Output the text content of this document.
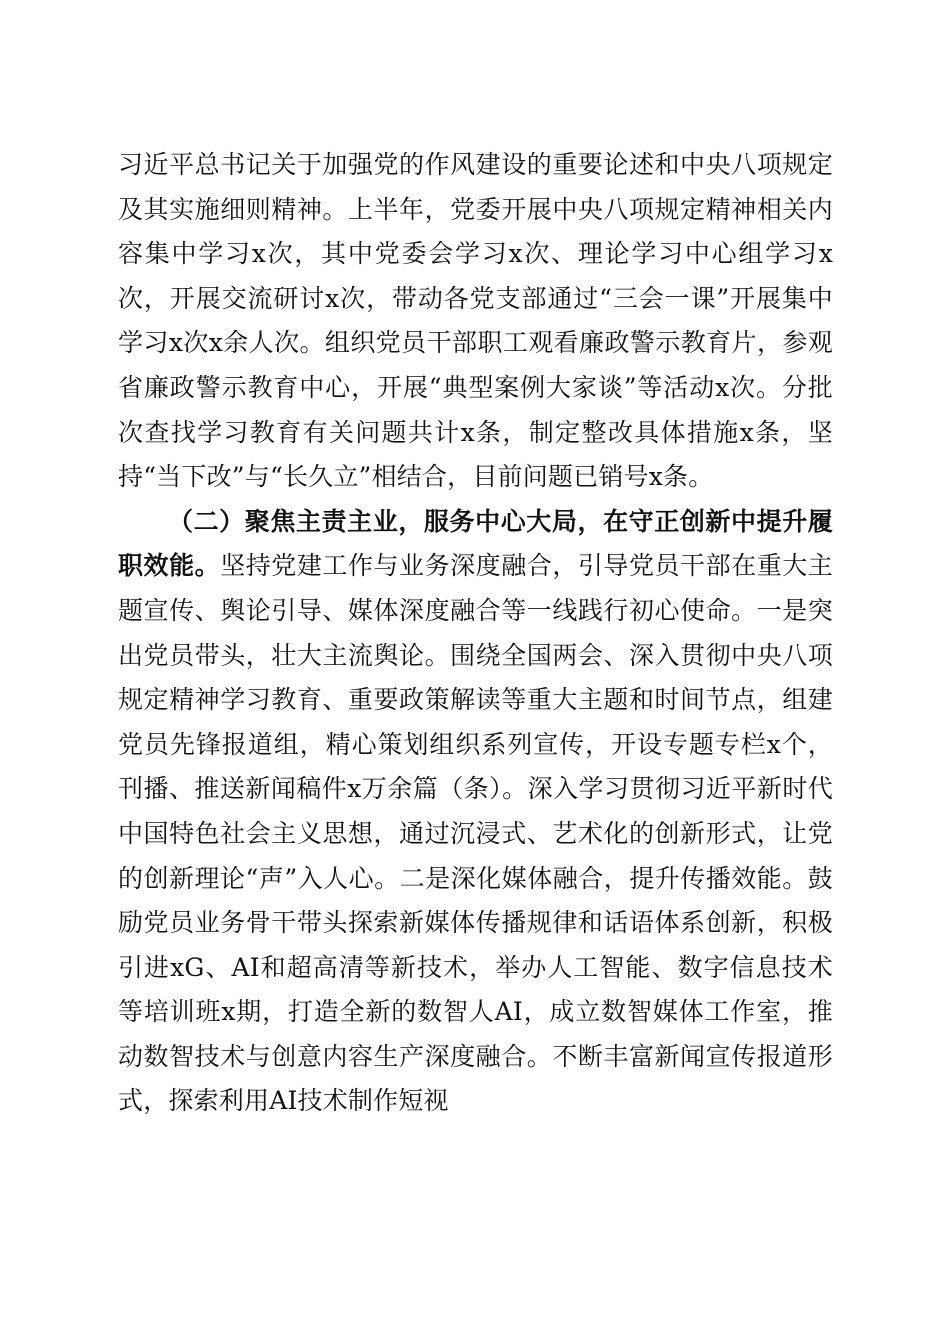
习近平总书记关于加强党的作风建设的重要论述和中央八项规定及其实施细则精神。上半年，党委开展中央八项规定精神相关内容集中学习x次，其中党委会学习x次、理论学习中心组学习x次，开展交流研讨x次，带动各党支部通过“三会一课”开展集中学习x次x余人次。组织党员干部职工观看廉政警示教育片，参观省廉政警示教育中心，开展“典型案例大家谈”等活动x次。分批次查找学习教育有关问题共计x条，制定整改具体措施x条，坚持“当下改”与“长久立”相结合，目前问题已销号x条。

（二）聚焦主责主业，服务中心大局，在守正创新中提升履职效能。坚持党建工作与业务深度融合，引导党员干部在重大主题宣传、舆论引导、媒体深度融合等一线践行初心使命。一是突出党员带头，壮大主流舆论。围绕全国两会、深入贯彻中央八项规定精神学习教育、重要政策解读等重大主题和时间节点，组建党员先锋报道组，精心策划组织系列宣传，开设专题专栏x个，刊播、推送新闻稿件x万余篇（条）。深入学习贯彻习近平新时代中国特色社会主义思想，通过沉浸式、艺术化的创新形式，让党的创新理论“声”入人心。二是深化媒体融合，提升传播效能。鼓励党员业务骨干带头探索新媒体传播规律和话语体系创新，积极引进xG、AI和超高清等新技术，举办人工智能、数字信息技术等培训班x期，打造全新的数智人AI，成立数智媒体工作室，推动数智技术与创意内容生产深度融合。不断丰富新闻宣传报道形式，探索利用AI技术制作短视
